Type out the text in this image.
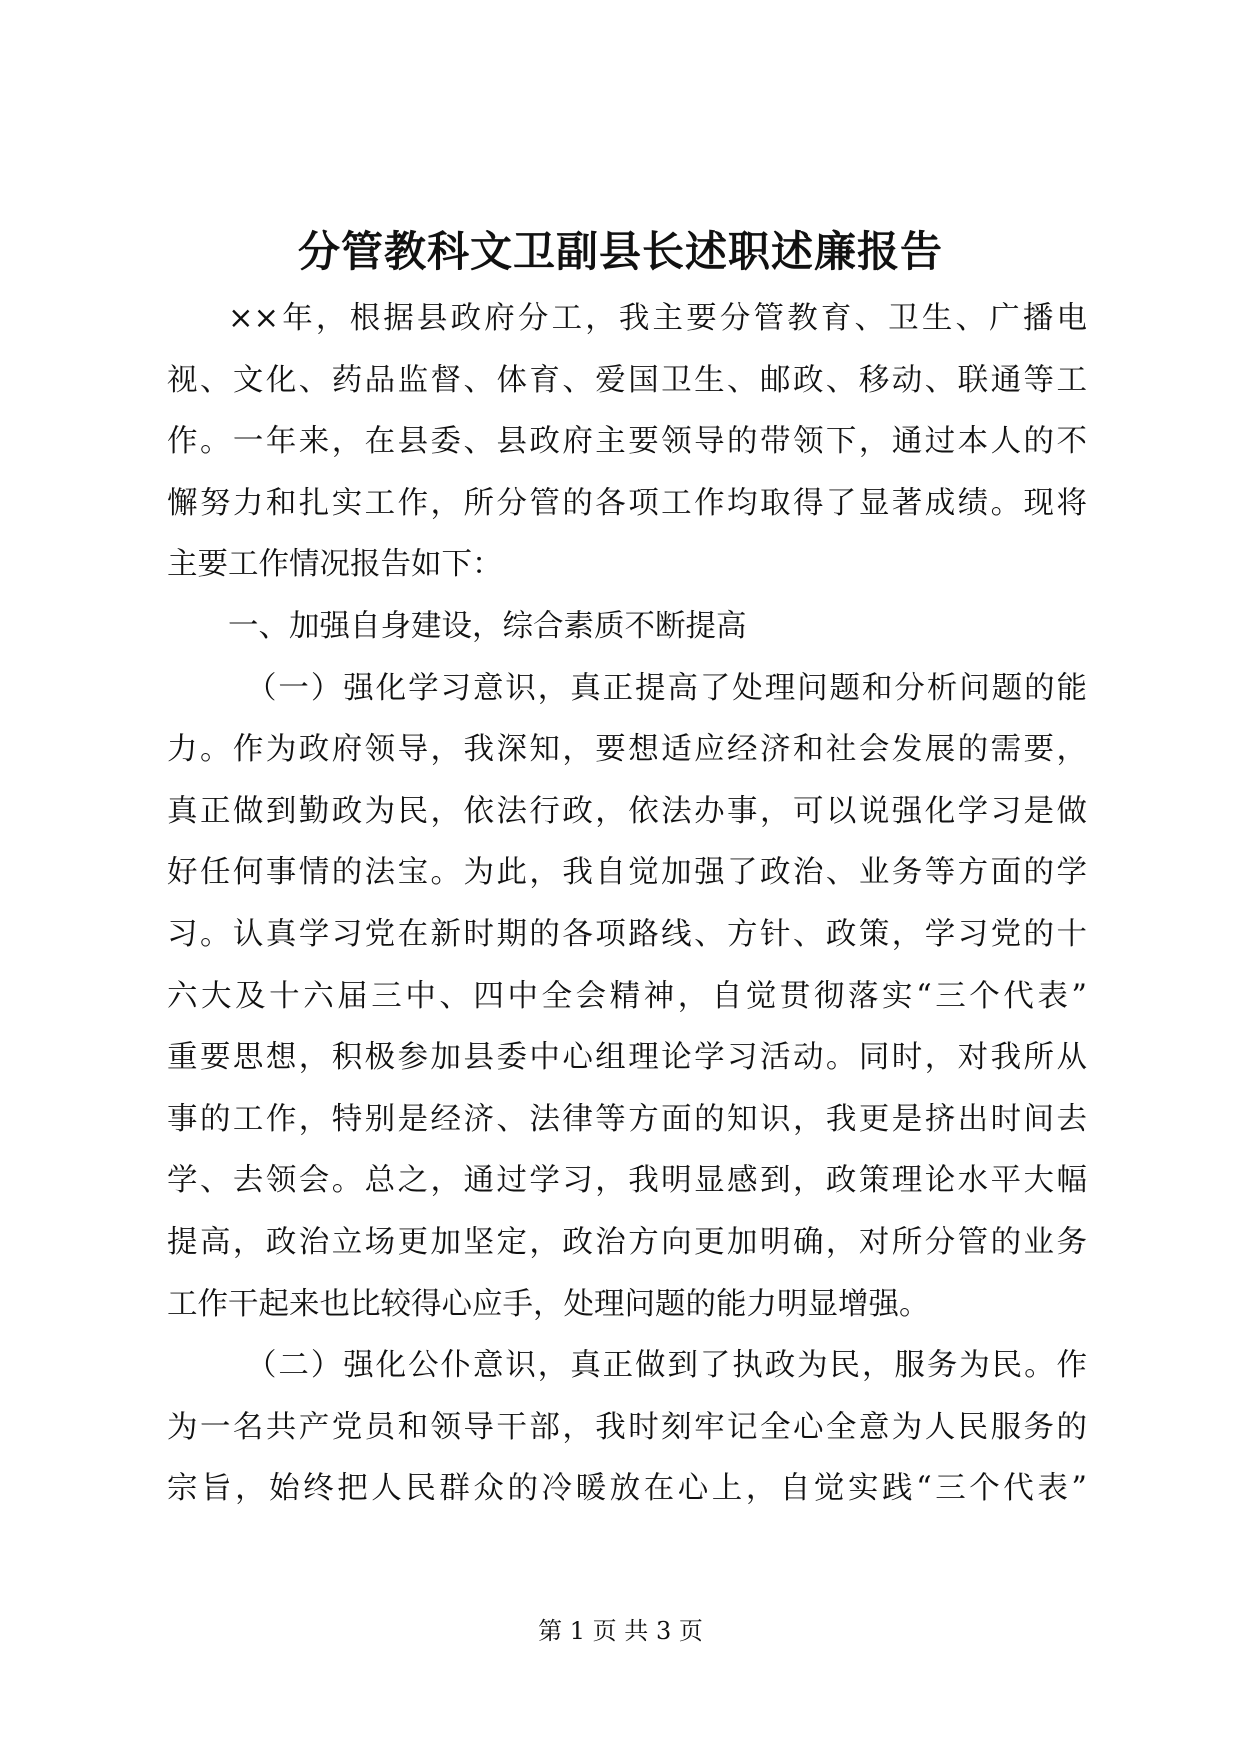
分管教科文卫副县长述职述廉报告
××年，根据县政府分工，我主要分管教育、卫生、广播电
视、文化、药品监督、体育、爱国卫生、邮政、移动、联通等工
作。一年来，在县委、县政府主要领导的带领下，通过本人的不
懈努力和扎实工作，所分管的各项工作均取得了显著成绩。现将
主要工作情况报告如下：
一、加强自身建设，综合素质不断提高
（一）强化学习意识，真正提高了处理问题和分析问题的能
力。作为政府领导，我深知，要想适应经济和社会发展的需要，
真正做到勤政为民，依法行政，依法办事，可以说强化学习是做
好任何事情的法宝。为此，我自觉加强了政治、业务等方面的学
习。认真学习党在新时期的各项路线、方针、政策，学习党的十
六大及十六届三中、四中全会精神，自觉贯彻落实“三个代表”
重要思想，积极参加县委中心组理论学习活动。同时，对我所从
事的工作，特别是经济、法律等方面的知识，我更是挤出时间去
学、去领会。总之，通过学习，我明显感到，政策理论水平大幅
提高，政治立场更加坚定，政治方向更加明确，对所分管的业务
工作干起来也比较得心应手，处理问题的能力明显增强。
（二）强化公仆意识，真正做到了执政为民，服务为民。作
为一名共产党员和领导干部，我时刻牢记全心全意为人民服务的
宗旨，始终把人民群众的冷暖放在心上，自觉实践“三个代表”
第 1 页 共 3 页
